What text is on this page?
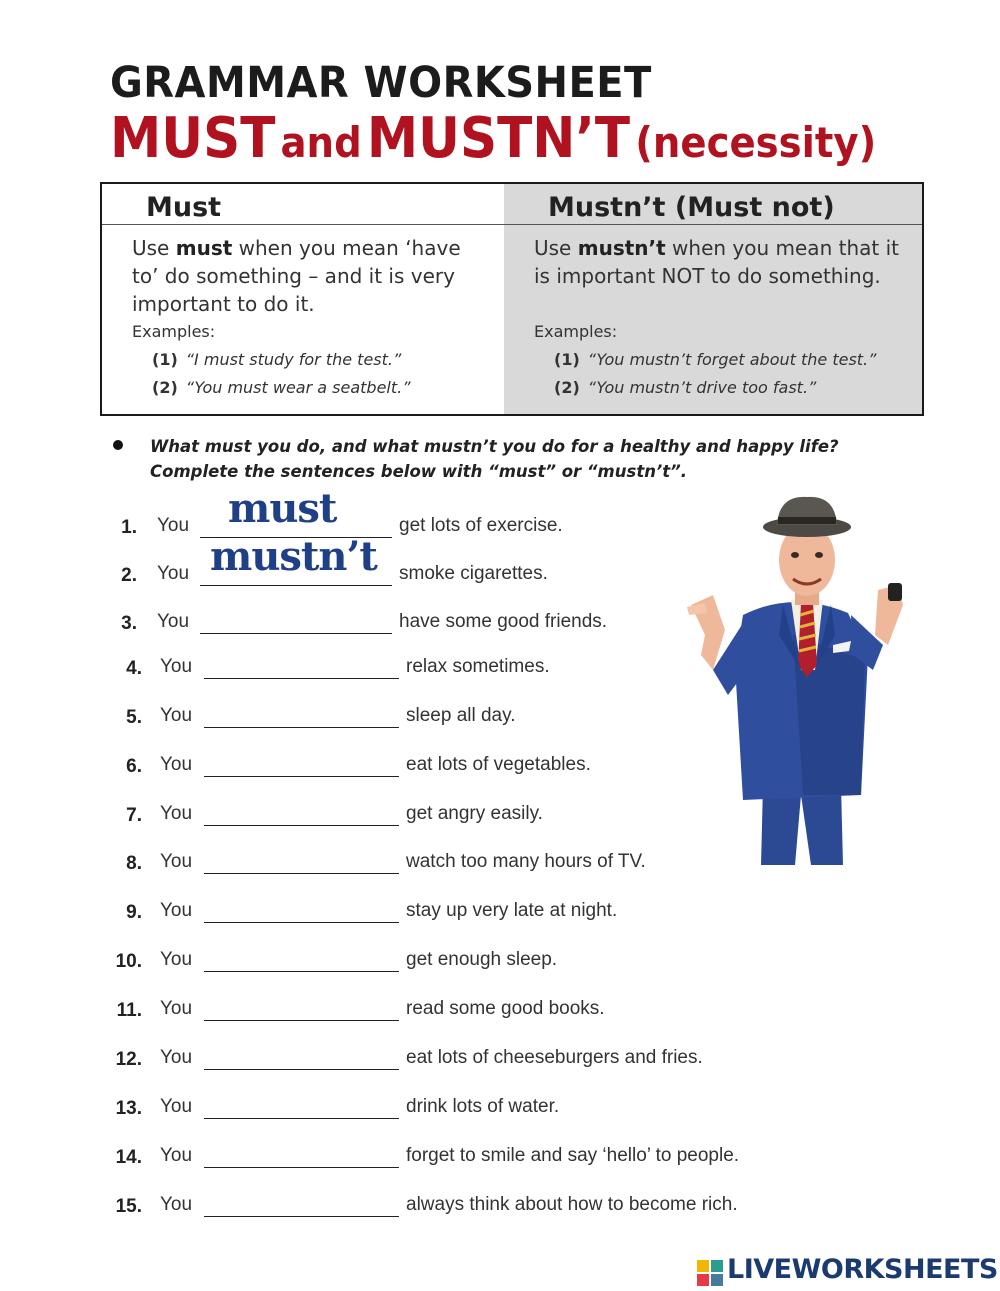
GRAMMAR WORKSHEET
MUST and MUSTN’T (necessity)
Must
Use must when you mean ‘have to’ do something – and it is very important to do it.
Examples:
(1) “I must study for the test.”
(2) “You must wear a seatbelt.”
Mustn’t (Must not)
Use mustn’t when you mean that it is important NOT to do something.
Examples:
(1) “You mustn’t forget about the test.”
(2) “You mustn’t drive too fast.”
What must you do, and what mustn’t you do for a healthy and happy life? Complete the sentences below with “must” or “mustn’t”.
1. You must	get lots of exercise.
2. You mustn’t smoke cigarettes.
3. You	have some good friends.
4. You	relax sometimes.
5. You	sleep all day.
6. You	eat lots of vegetables.
7. You	get angry easily.
8. You	watch too many hours of TV.
9. You	stay up very late at night.
10. You	get enough sleep.
11. You	read some good books.
12. You	eat lots of cheeseburgers and fries.
13. You	drink lots of water.
14. You	forget to smile and say ‘hello’ to people.
15. You	always think about how to become rich.
LIVEWORKSHEETS
